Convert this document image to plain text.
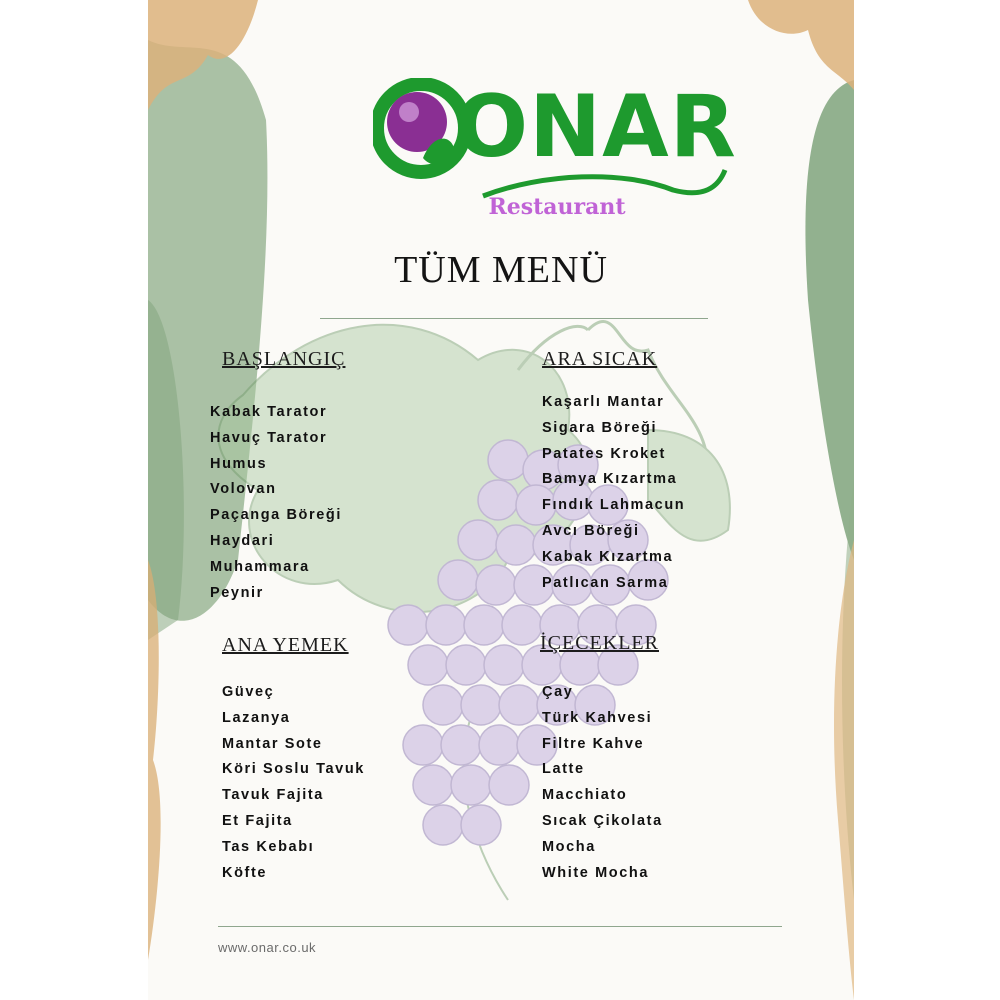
ONAR
Restaurant
TÜM MENÜ
BAŞLANGIÇ
Kabak Tarator
Havuç Tarator
Humus
Volovan
Paçanga Böreği
Haydari
Muhammara
Peynir
ARA SICAK
Kaşarlı Mantar
Sigara Böreği
Patates Kroket
Bamya Kızartma
Fındık Lahmacun
Avcı Böreği
Kabak Kızartma
Patlıcan Sarma
ANA YEMEK
Güveç
Lazanya
Mantar Sote
Köri Soslu Tavuk
Tavuk Fajita
Et Fajita
Tas Kebabı
Köfte
İÇECEKLER
Çay
Türk Kahvesi
Filtre Kahve
Latte
Macchiato
Sıcak Çikolata
Mocha
White Mocha
www.onar.co.uk
